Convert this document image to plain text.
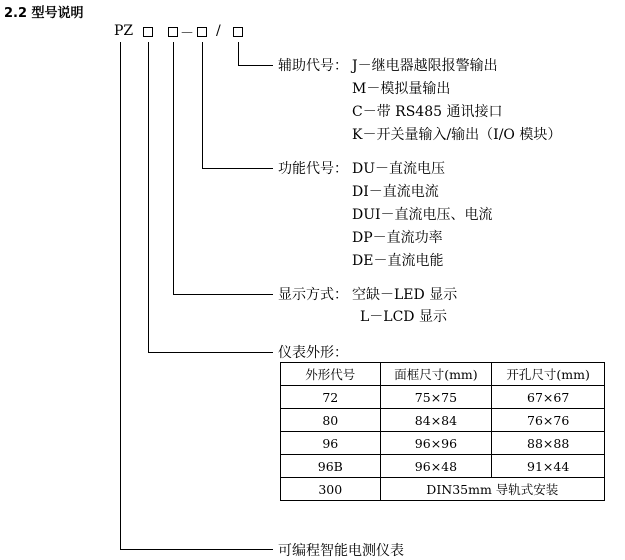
2.2 型号说明
PZ	－ /
辅助代号： J－继电器越限报警输出
M－模拟量输出
C－带 RS485 通讯接口
K－开关量输入/输出（I/O 模块）
功能代号： DU－直流电压
DI－直流电流
DUI－直流电压、电流
DP－直流功率
DE－直流电能
显示方式： 空缺－LED 显示
L－LCD 显示
仪表外形：
外形代号	面框尺寸(mm)	开孔尺寸(mm)
72	75×75	67×67
80	84×84	76×76
96	96×96	88×88
96B	96×48	91×44
300	DIN35mm 导轨式安装	
可编程智能电测仪表
